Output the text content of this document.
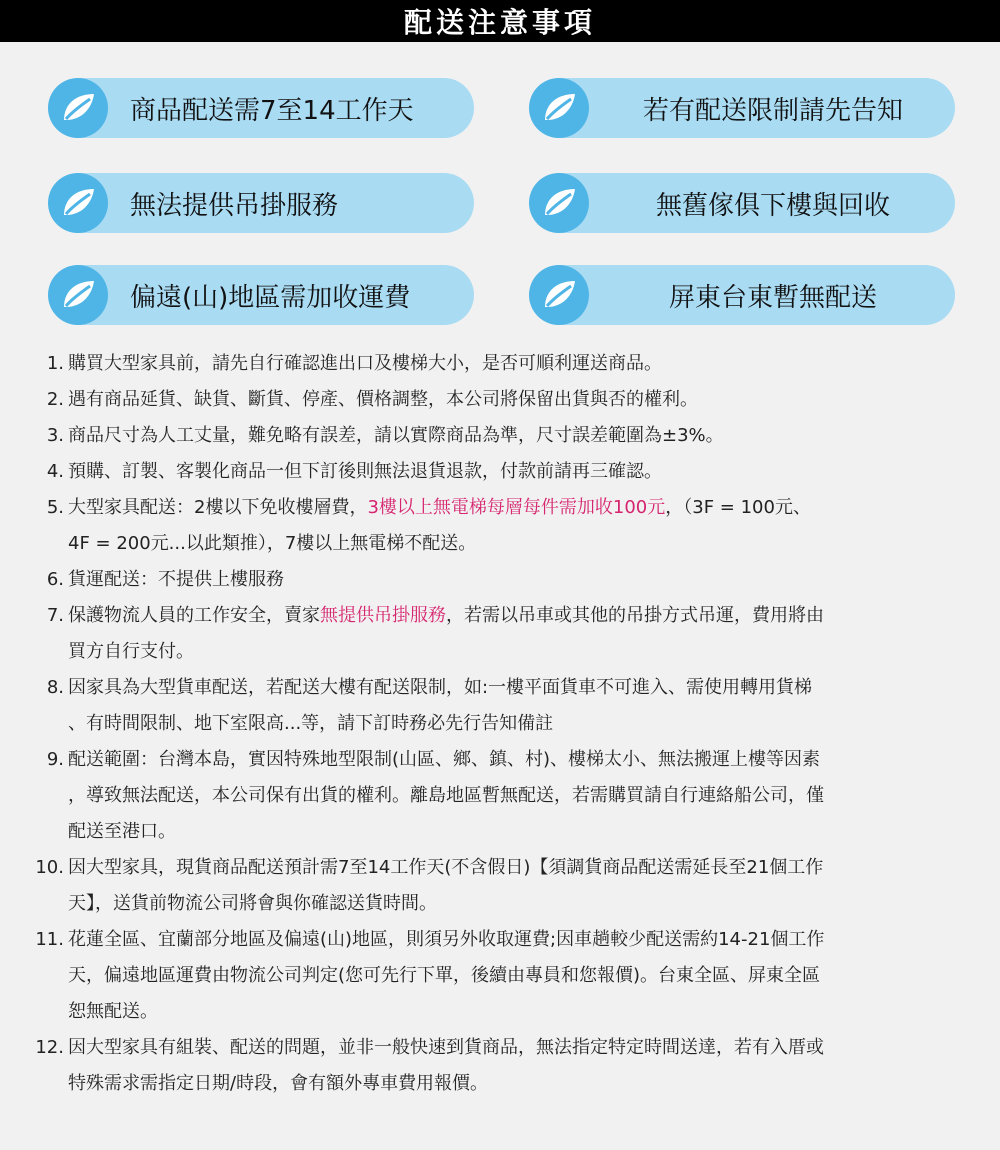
配送注意事項
商品配送需7至14工作天	若有配送限制請先告知
無法提供吊掛服務	無舊傢俱下樓與回收
偏遠(山)地區需加收運費	屏東台東暫無配送
1. 購買大型家具前，請先自行確認進出口及樓梯大小，是否可順利運送商品。
2. 遇有商品延貨、缺貨、斷貨、停產、價格調整，本公司將保留出貨與否的權利。
3. 商品尺寸為人工丈量，難免略有誤差，請以實際商品為準，尺寸誤差範圍為±3%。
4. 預購、訂製、客製化商品一但下訂後則無法退貨退款，付款前請再三確認。
5. 大型家具配送：2樓以下免收樓層費，3樓以上無電梯每層每件需加收100元，（3F = 100元、
4F = 200元...以此類推），7樓以上無電梯不配送。
6. 貨運配送：不提供上樓服務
7. 保護物流人員的工作安全，賣家無提供吊掛服務，若需以吊車或其他的吊掛方式吊運，費用將由
買方自行支付。
8. 因家具為大型貨車配送，若配送大樓有配送限制，如:一樓平面貨車不可進入、需使用轉用貨梯
、有時間限制、地下室限高...等，請下訂時務必先行告知備註
9. 配送範圍：台灣本島，實因特殊地型限制(山區、鄉、鎮、村)、樓梯太小、無法搬運上樓等因素
，導致無法配送，本公司保有出貨的權利。離島地區暫無配送，若需購買請自行連絡船公司，僅
配送至港口。
10. 因大型家具，現貨商品配送預計需7至14工作天(不含假日)【須調貨商品配送需延長至21個工作
天】，送貨前物流公司將會與你確認送貨時間。
11. 花蓮全區、宜蘭部分地區及偏遠(山)地區，則須另外收取運費;因車趟較少配送需約14-21個工作
天，偏遠地區運費由物流公司判定(您可先行下單，後續由專員和您報價)。台東全區、屏東全區
恕無配送。
12. 因大型家具有組裝、配送的問題，並非一般快速到貨商品，無法指定特定時間送達，若有入厝或
特殊需求需指定日期/時段，會有額外專車費用報價。
